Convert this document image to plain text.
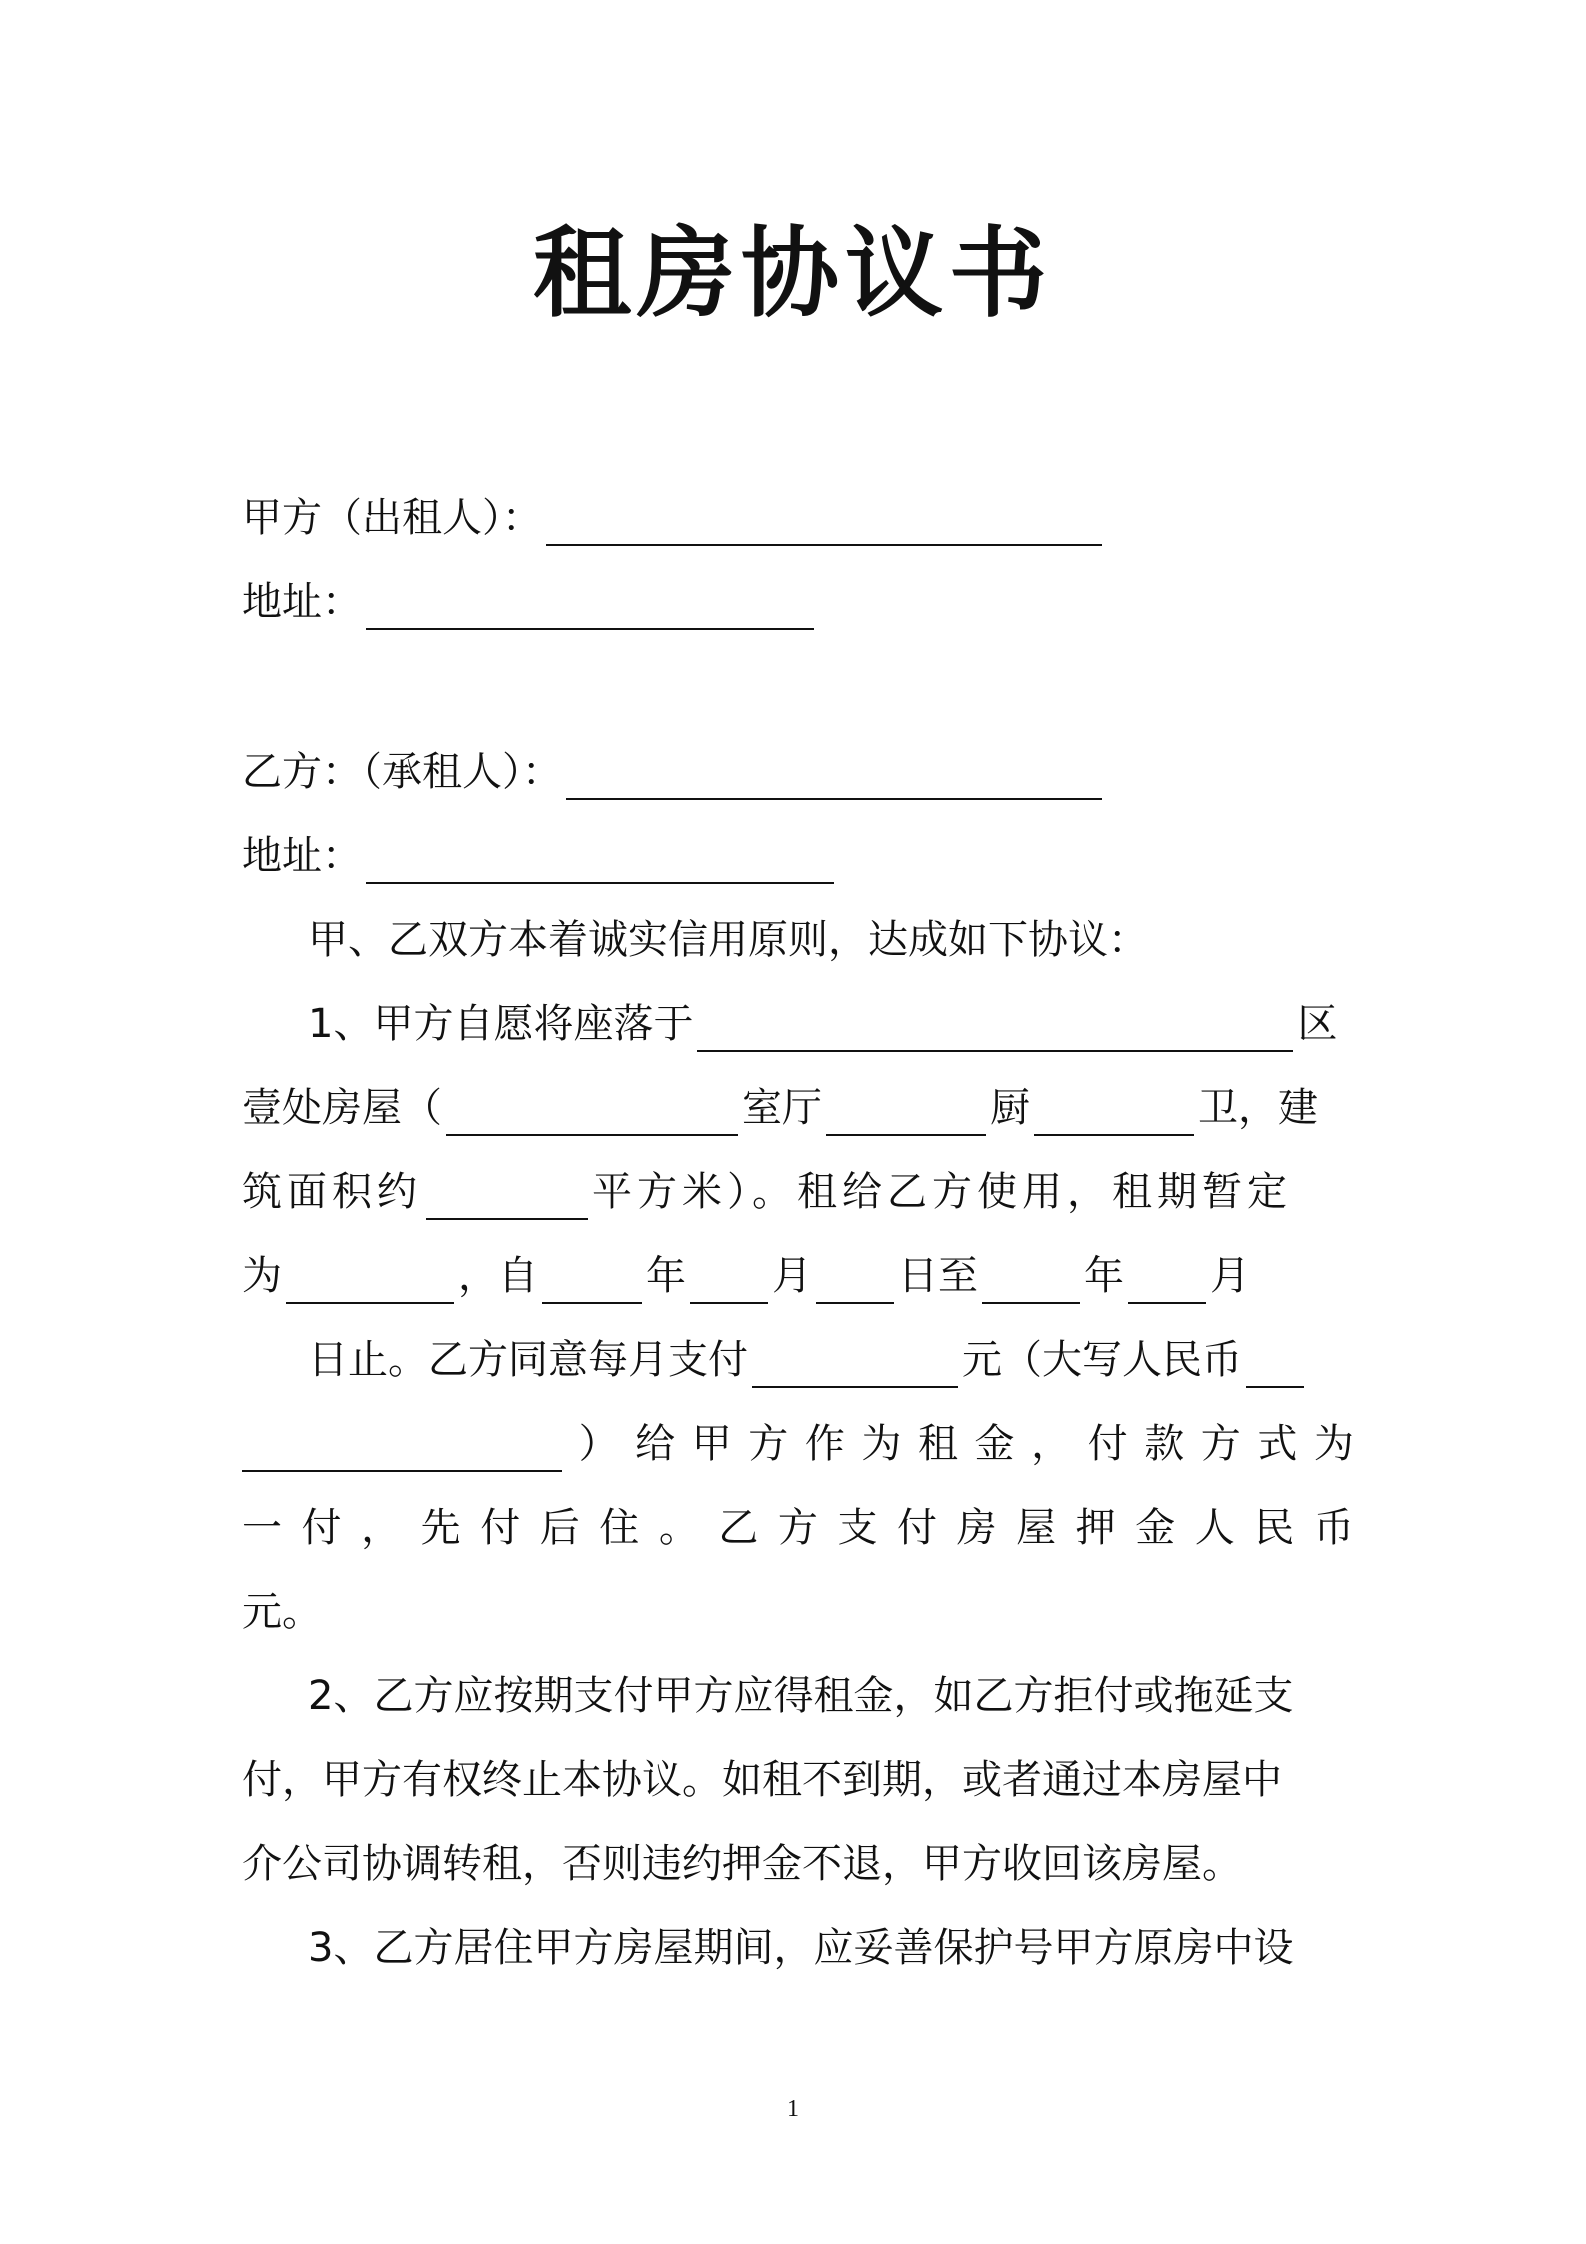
租房协议书
甲方（出租人）：
地址：
乙方：（承租人）：
地址：
甲、乙双方本着诚实信用原则，达成如下协议：
1、甲方自愿将座落于	区
壹处房屋（	室厅	厨	卫，建
筑面积约	平方米）。租给乙方使用，租期暂定
为	，自	年 月 日至	年 月
日止。乙方同意每月支付	元（大写人民币
） 给 甲 方 作 为 租 金 ， 付 款 方 式 为
一 付 ， 先 付 后 住 。 乙 方 支 付 房 屋 押 金 人 民 币
元。
2、乙方应按期支付甲方应得租金，如乙方拒付或拖延支
付，甲方有权终止本协议。如租不到期，或者通过本房屋中
介公司协调转租，否则违约押金不退，甲方收回该房屋。
3、乙方居住甲方房屋期间，应妥善保护号甲方原房中设
1
